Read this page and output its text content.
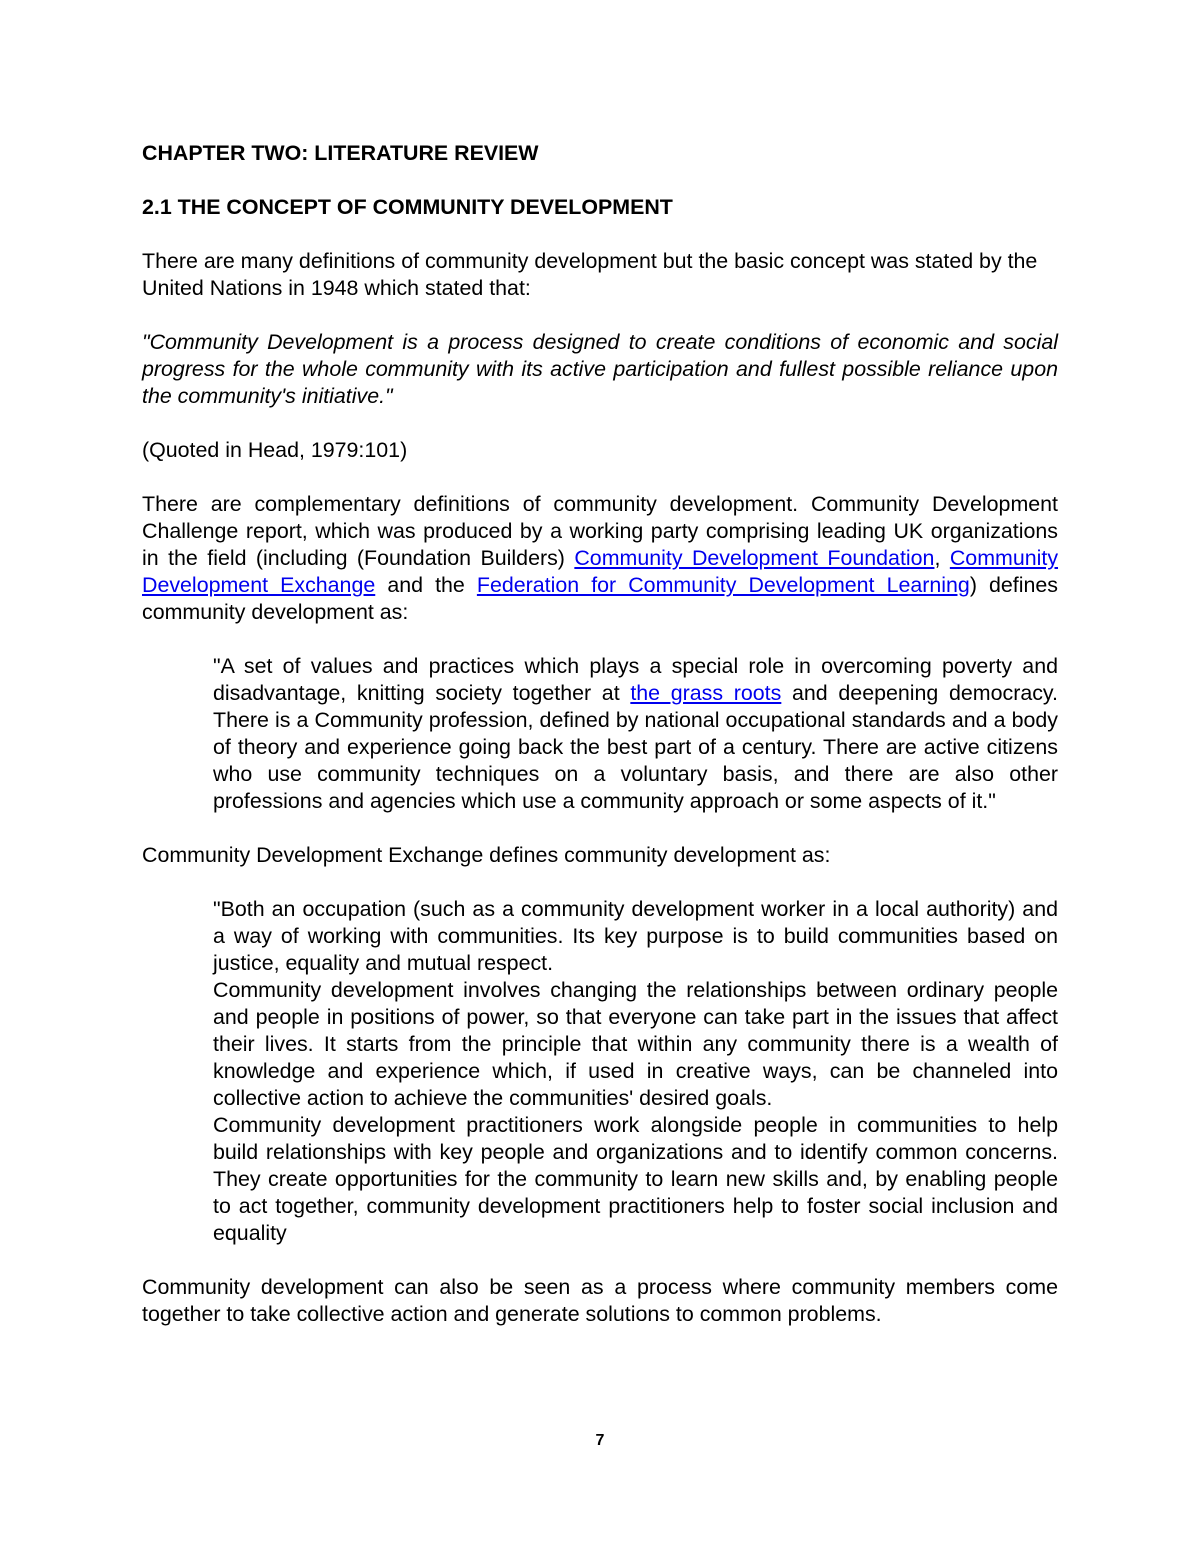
CHAPTER TWO: LITERATURE REVIEW

2.1 THE CONCEPT OF COMMUNITY DEVELOPMENT

There are many definitions of community development but the basic concept was stated by the United Nations in 1948 which stated that:

"Community Development is a process designed to create conditions of economic and social progress for the whole community with its active participation and fullest possible reliance upon the community's initiative."

(Quoted in Head, 1979:101)

There are complementary definitions of community development. Community Development Challenge report, which was produced by a working party comprising leading UK organizations in the field (including (Foundation Builders) Community Development Foundation, Community Development Exchange and the Federation for Community Development Learning) defines community development as:

"A set of values and practices which plays a special role in overcoming poverty and disadvantage, knitting society together at the grass roots and deepening democracy. There is a Community profession, defined by national occupational standards and a body of theory and experience going back the best part of a century. There are active citizens who use community techniques on a voluntary basis, and there are also other professions and agencies which use a community approach or some aspects of it."

Community Development Exchange defines community development as:

"Both an occupation (such as a community development worker in a local authority) and a way of working with communities. Its key purpose is to build communities based on justice, equality and mutual respect.

Community development involves changing the relationships between ordinary people and people in positions of power, so that everyone can take part in the issues that affect their lives. It starts from the principle that within any community there is a wealth of knowledge and experience which, if used in creative ways, can be channeled into collective action to achieve the communities' desired goals.

Community development practitioners work alongside people in communities to help build relationships with key people and organizations and to identify common concerns. They create opportunities for the community to learn new skills and, by enabling people to act together, community development practitioners help to foster social inclusion and equality

Community development can also be seen as a process where community members come together to take collective action and generate solutions to common problems.

7
